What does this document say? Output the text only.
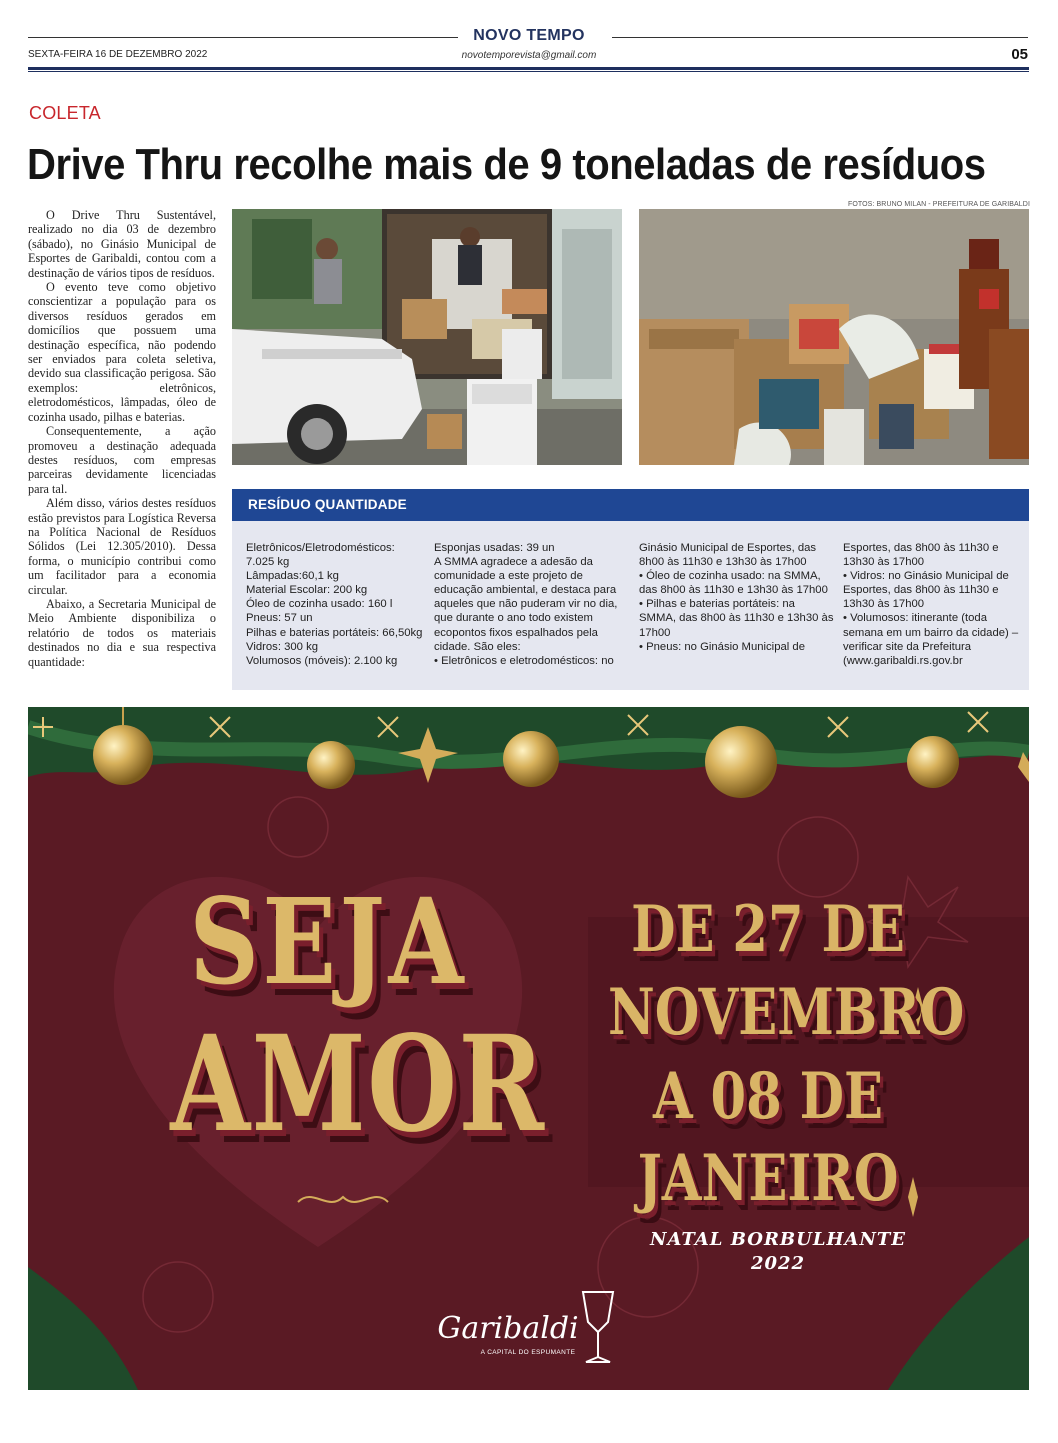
NOVO TEMPO
SEXTA-FEIRA 16 DE DEZEMBRO 2022	novotemporevista@gmail.com	05
COLETA
Drive Thru recolhe mais de 9 toneladas de resíduos
FOTOS: BRUNO MILAN - PREFEITURA DE GARIBALDI

O Drive Thru Sustentável, realizado no dia 03 de dezembro (sábado), no Ginásio Municipal de Esportes de Garibaldi, contou com a destinação de vários tipos de resíduos.

O evento teve como objetivo conscientizar a população para os diversos resíduos gerados em domicílios que possuem uma destinação específica, não podendo ser enviados para coleta seletiva, devido sua classificação perigosa. São exemplos: eletrônicos, eletrodomésticos, lâmpadas, óleo de cozinha usado, pilhas e baterias.

Consequentemente, a ação promoveu a destinação adequada destes resíduos, com empresas parceiras devidamente licenciadas para tal.

Além disso, vários destes resíduos estão previstos para Logística Reversa na Política Nacional de Resíduos Sólidos (Lei 12.305/2010). Dessa forma, o município contribui como um facilitador para a economia circular.

Abaixo, a Secretaria Municipal de Meio Ambiente disponibiliza o relatório de todos os materiais destinados no dia e sua respectiva quantidade:

RESÍDUO QUANTIDADE
Eletrônicos/Eletrodomésticos: 7.025 kg
Lâmpadas:60,1 kg
Material Escolar: 200 kg
Óleo de cozinha usado: 160 l
Pneus: 57 un
Pilhas e baterias portáteis: 66,50kg
Vidros: 300 kg
Volumosos (móveis): 2.100 kg
Esponjas usadas: 39 un
A SMMA agradece a adesão da comunidade a este projeto de educação ambiental, e destaca para aqueles que não puderam vir no dia, que durante o ano todo existem ecopontos fixos espalhados pela cidade. São eles:
• Eletrônicos e eletrodomésticos: no
Ginásio Municipal de Esportes, das 8h00 às 11h30 e 13h30 às 17h00
• Óleo de cozinha usado: na SMMA, das 8h00 às 11h30 e 13h30 às 17h00
• Pilhas e baterias portáteis: na SMMA, das 8h00 às 11h30 e 13h30 às 17h00
• Pneus: no Ginásio Municipal de
Esportes, das 8h00 às 11h30 e 13h30 às 17h00
• Vidros: no Ginásio Municipal de Esportes, das 8h00 às 11h30 e 13h30 às 17h00
• Volumosos: itinerante (toda semana em um bairro da cidade) – verificar site da Prefeitura (www.garibaldi.rs.gov.br
SEJA
AMOR
DE 27 DE
NOVEMBRO
A 08 DE
JANEIRO
NATAL BORBULHANTE
2022
Garibaldi
A CAPITAL DO ESPUMANTE
